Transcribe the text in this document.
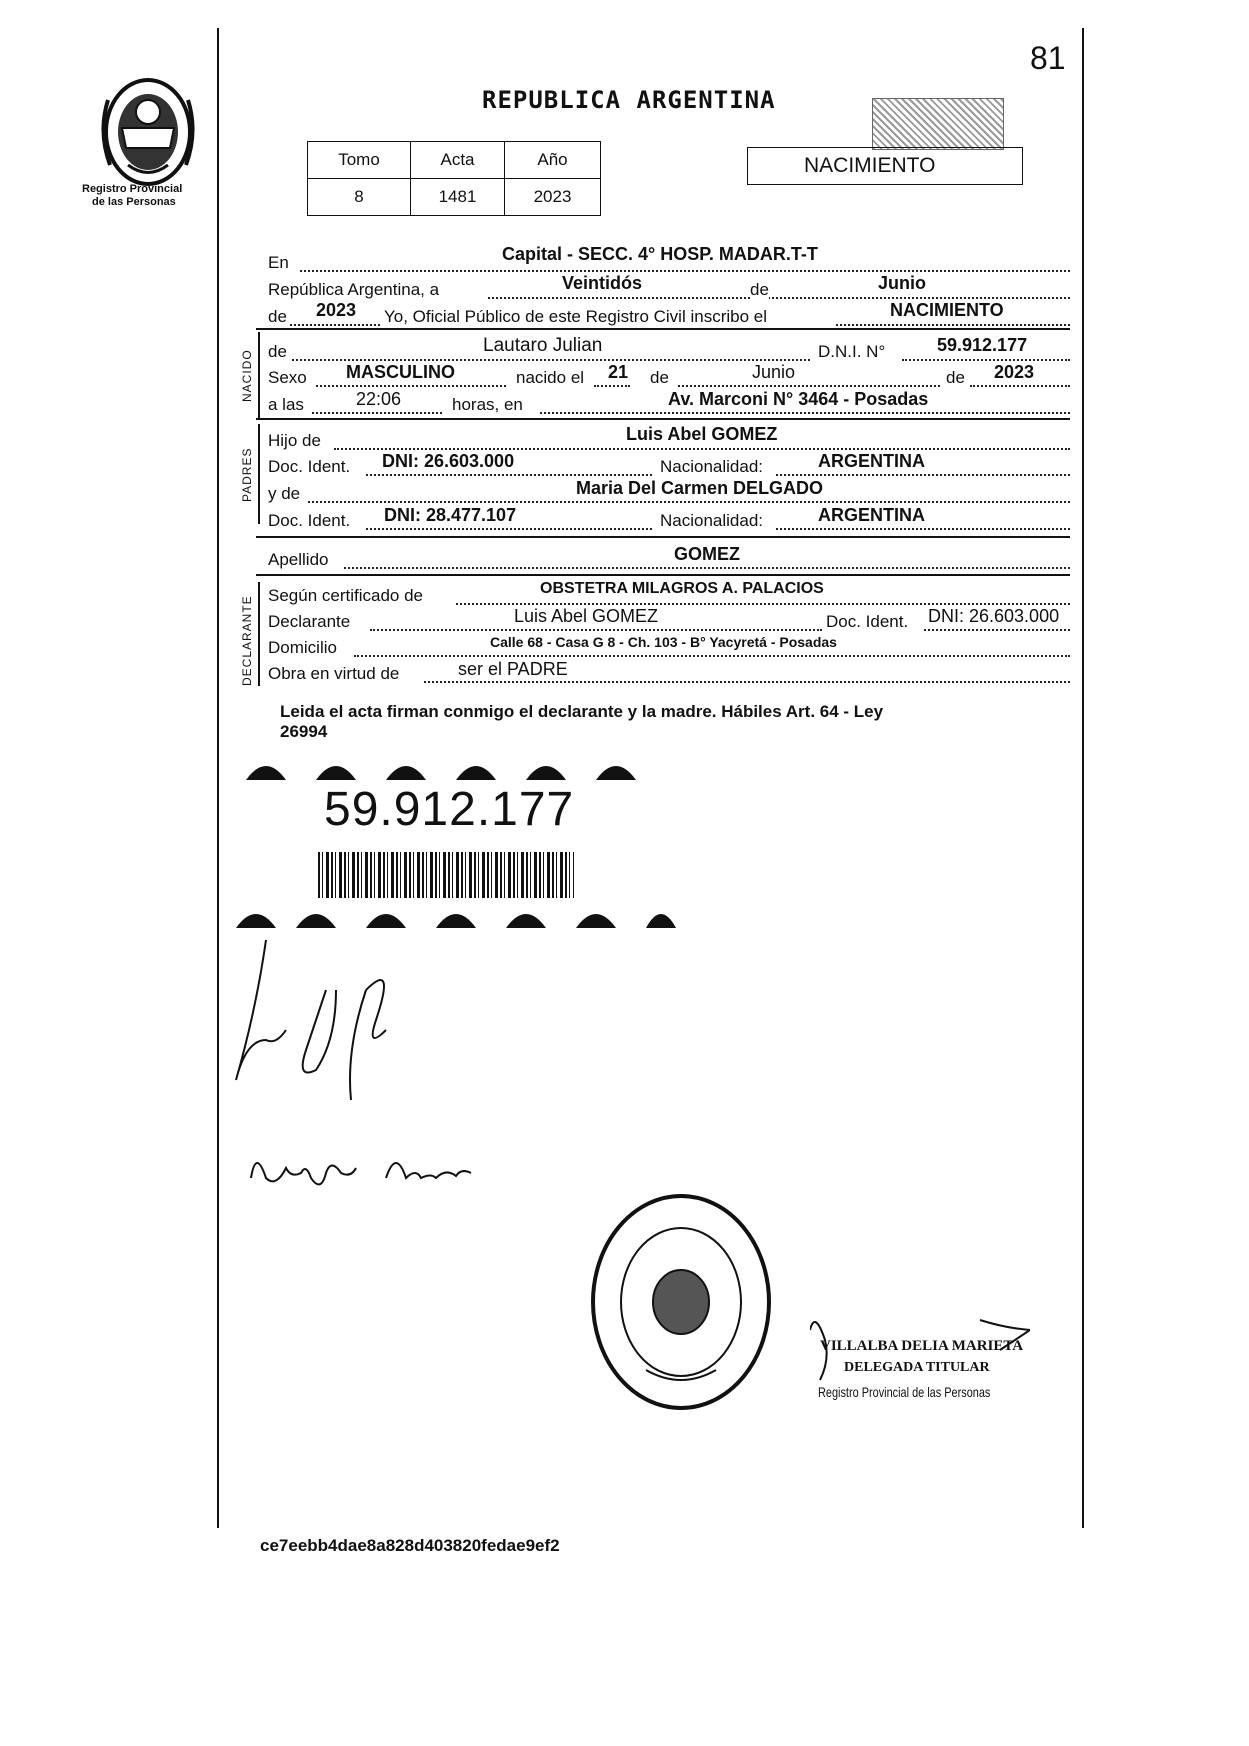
81
Registro Provincial
de las Personas
REPUBLICA ARGENTINA
Tomo	Acta	Año
8	1481	2023
NACIMIENTO
En	Capital - SECC. 4° HOSP. MADAR.T-T
República Argentina, a	Veintidós	de	Junio
de 2023 Yo, Oficial Público de este Registro Civil inscribo el	NACIMIENTO
NACIDO de	Lautaro Julian	D.N.I. N°	59.912.177
Sexo MASCULINO	nacido el 21 de	Junio	de 2023
a las	22:06	horas, en	Av. Marconi N° 3464 - Posadas
PADRES
Hijo de	Luis Abel GOMEZ
Doc. Ident. DNI: 26.603.000	Nacionalidad:	ARGENTINA
y de	Maria Del Carmen DELGADO
Doc. Ident. DNI: 28.477.107	Nacionalidad:	ARGENTINA
Apellido	GOMEZ
DECLARANTE Según certificado de	OBSTETRA MILAGROS A. PALACIOS
Declarante	Luis Abel GOMEZ	Doc. Ident. DNI: 26.603.000
Domicilio	Calle 68 - Casa G 8 - Ch. 103 - B° Yacyretá - Posadas
Obra en virtud de	ser el PADRE
Leida el acta firman conmigo el declarante y la madre. Hábiles Art. 64 - Ley
26994
59.912.177
VILLALBA DELIA MARIETA
DELEGADA TITULAR
Registro Provincial de las Personas
ce7eebb4dae8a828d403820fedae9ef2
